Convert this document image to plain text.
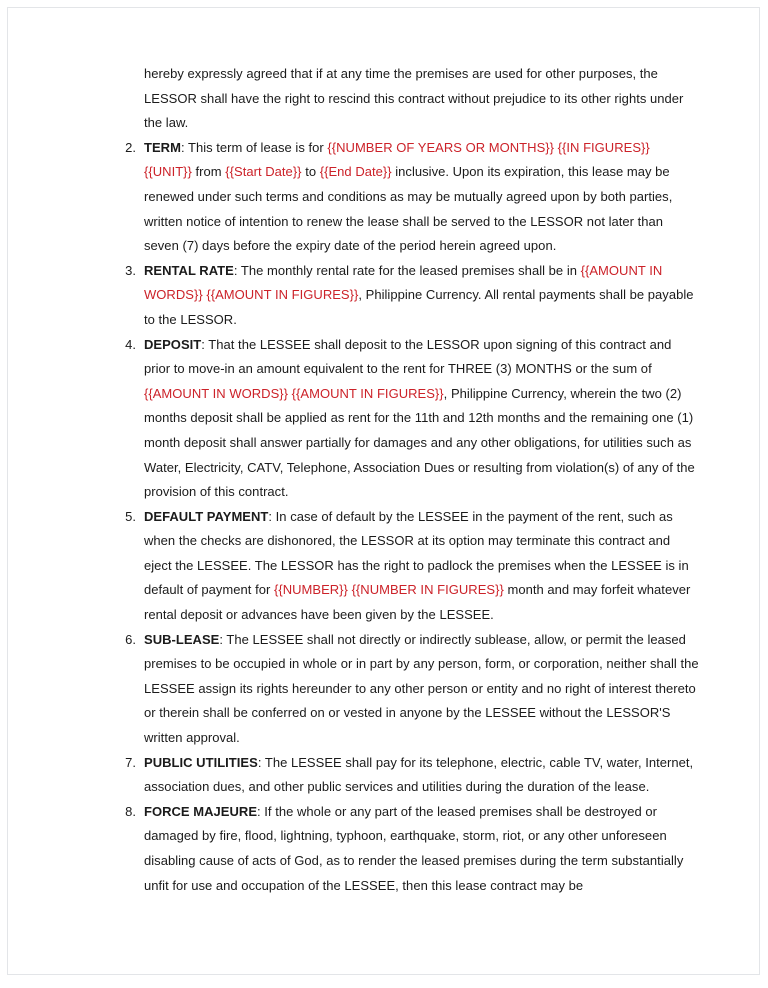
hereby expressly agreed that if at any time the premises are used for other purposes, the LESSOR shall have the right to rescind this contract without prejudice to its other rights under the law.

2. TERM: This term of lease is for {{NUMBER OF YEARS OR MONTHS}} {{IN FIGURES}} {{UNIT}} from {{Start Date}} to {{End Date}} inclusive. Upon its expiration, this lease may be renewed under such terms and conditions as may be mutually agreed upon by both parties, written notice of intention to renew the lease shall be served to the LESSOR not later than seven (7) days before the expiry date of the period herein agreed upon.
3. RENTAL RATE: The monthly rental rate for the leased premises shall be in {{AMOUNT IN WORDS}} {{AMOUNT IN FIGURES}}, Philippine Currency. All rental payments shall be payable to the LESSOR.
4. DEPOSIT: That the LESSEE shall deposit to the LESSOR upon signing of this contract and prior to move-in an amount equivalent to the rent for THREE (3) MONTHS or the sum of {{AMOUNT IN WORDS}} {{AMOUNT IN FIGURES}}, Philippine Currency, wherein the two (2) months deposit shall be applied as rent for the 11th and 12th months and the remaining one (1) month deposit shall answer partially for damages and any other obligations, for utilities such as Water, Electricity, CATV, Telephone, Association Dues or resulting from violation(s) of any of the provision of this contract.
5. DEFAULT PAYMENT: In case of default by the LESSEE in the payment of the rent, such as when the checks are dishonored, the LESSOR at its option may terminate this contract and eject the LESSEE. The LESSOR has the right to padlock the premises when the LESSEE is in default of payment for {{NUMBER}} {{NUMBER IN FIGURES}} month and may forfeit whatever rental deposit or advances have been given by the LESSEE.
6. SUB-LEASE: The LESSEE shall not directly or indirectly sublease, allow, or permit the leased premises to be occupied in whole or in part by any person, form, or corporation, neither shall the LESSEE assign its rights hereunder to any other person or entity and no right of interest thereto or therein shall be conferred on or vested in anyone by the LESSEE without the LESSOR'S written approval.
7. PUBLIC UTILITIES: The LESSEE shall pay for its telephone, electric, cable TV, water, Internet, association dues, and other public services and utilities during the duration of the lease.
8. FORCE MAJEURE: If the whole or any part of the leased premises shall be destroyed or damaged by fire, flood, lightning, typhoon, earthquake, storm, riot, or any other unforeseen disabling cause of acts of God, as to render the leased premises during the term substantially unfit for use and occupation of the LESSEE, then this lease contract may be
